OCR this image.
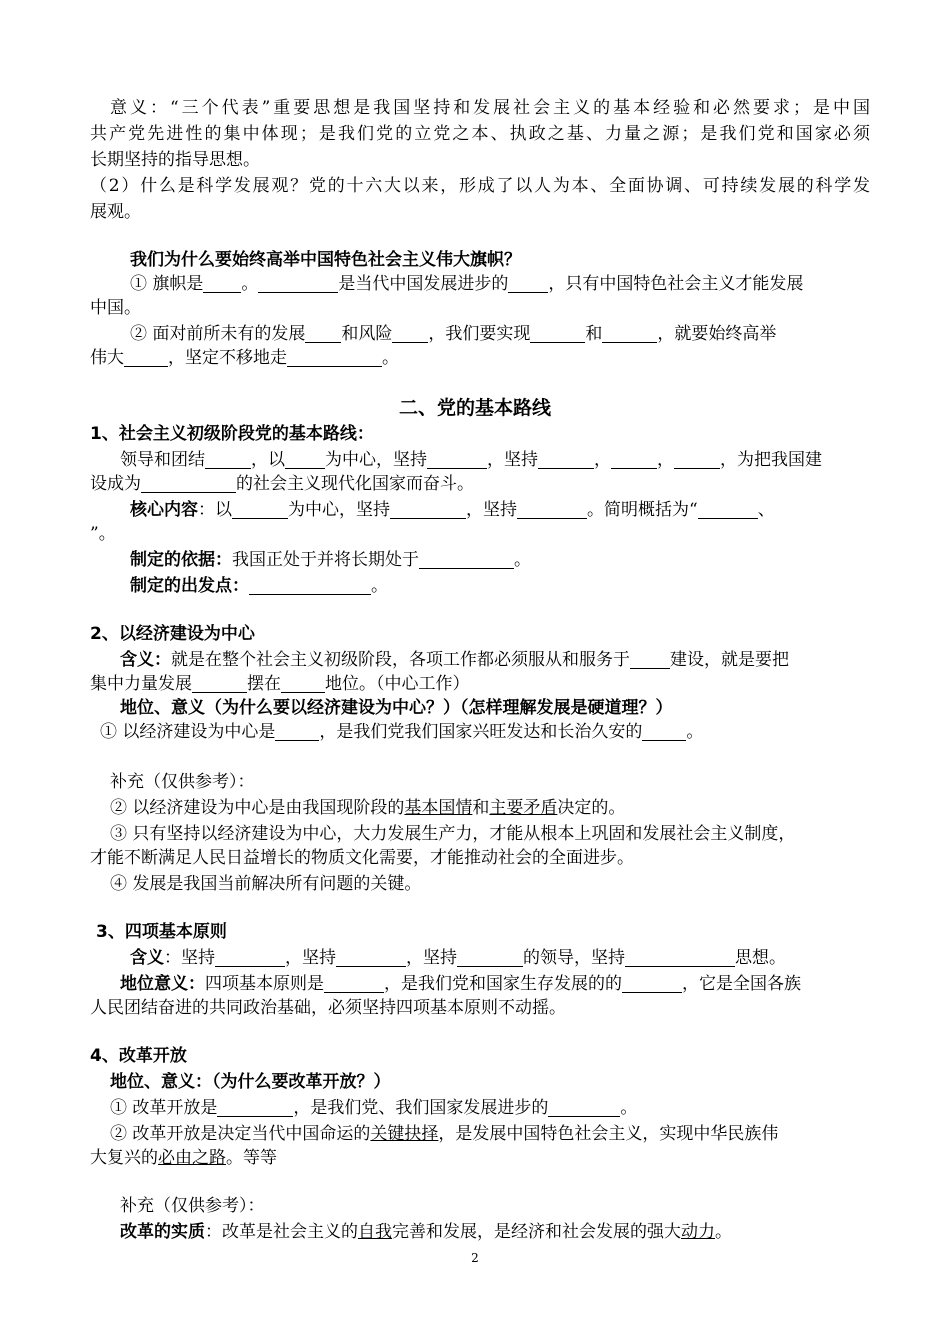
意义：“三个代表”重要思想是我国坚持和发展社会主义的基本经验和必然要求；是中国
共产党先进性的集中体现；是我们党的立党之本、执政之基、力量之源；是我们党和国家必须
长期坚持的指导思想。
（2）什么是科学发展观？党的十六大以来，形成了以人为本、全面协调、可持续发展的科学发
展观。
我们为什么要始终高举中国特色社会主义伟大旗帜？
① 旗帜是 。	是当代中国发展进步的 ，只有中国特色社会主义才能发展
中国。
② 面对前所未有的发展 和风险 ，我们要实现	和	，就要始终高举
伟大	，坚定不移地走	。
二、党的基本路线
1、社会主义初级阶段党的基本路线：
领导和团结	，以 为中心，坚持	，坚持	，	，	，为把我国建
设成为	的社会主义现代化国家而奋斗。
核心内容：以	为中心，坚持	，坚持	。简明概括为“	、
”。
制定的依据：我国正处于并将长期处于	。
制定的出发点：	。
2、以经济建设为中心
含义：就是在整个社会主义初级阶段，各项工作都必须服从和服务于 建设，就是要把
集中力量发展	摆在	地位。（中心工作）
地位、意义（为什么要以经济建设为中心？）（怎样理解发展是硬道理？）
① 以经济建设为中心是	，是我们党我们国家兴旺发达和长治久安的	。
补充（仅供参考）：
② 以经济建设为中心是由我国现阶段的基本国情和主要矛盾决定的。
③ 只有坚持以经济建设为中心，大力发展生产力，才能从根本上巩固和发展社会主义制度，
才能不断满足人民日益增长的物质文化需要，才能推动社会的全面进步。
④ 发展是我国当前解决所有问题的关键。
3、四项基本原则
含义：坚持	，坚持	，坚持	的领导，坚持	思想。
地位意义：四项基本原则是	，是我们党和国家生存发展的的	，它是全国各族
人民团结奋进的共同政治基础，必须坚持四项基本原则不动摇。
4、改革开放
地位、意义：（为什么要改革开放？）
① 改革开放是	，是我们党、我们国家发展进步的	。
② 改革开放是决定当代中国命运的关键抉择，是发展中国特色社会主义，实现中华民族伟
大复兴的必由之路。等等
补充（仅供参考）：
改革的实质：改革是社会主义的自我完善和发展，是经济和社会发展的强大动力。
2
